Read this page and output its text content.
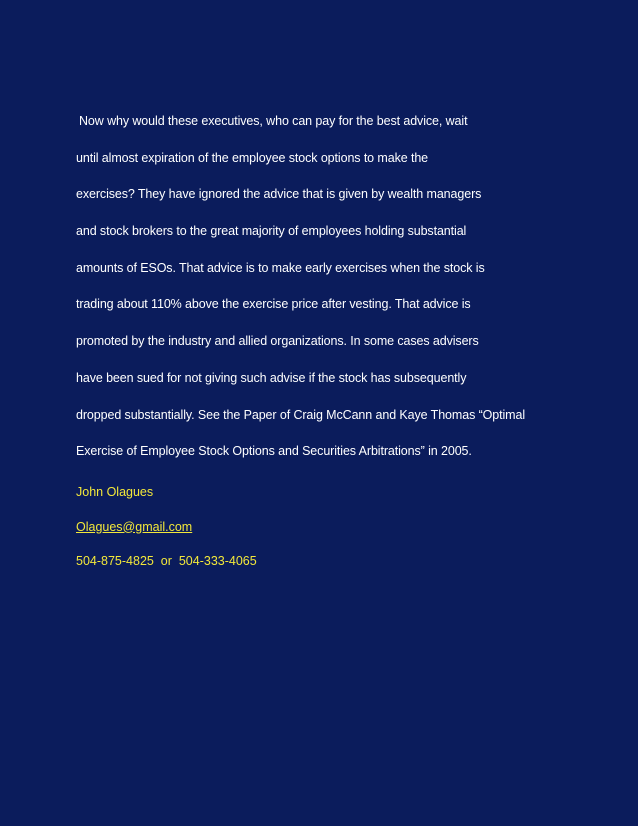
Now why would these executives, who can pay for the best advice, wait
until almost expiration of the employee stock options to make the
exercises? They have ignored the advice that is given by wealth managers
and stock brokers to the great majority of employees holding substantial
amounts of ESOs. That advice is to make early exercises when the stock is
trading about 110% above the exercise price after vesting. That advice is
promoted by the industry and allied organizations. In some cases advisers
have been sued for not giving such advise if the stock has subsequently
dropped substantially. See the Paper of Craig McCann and Kaye Thomas “Optimal
Exercise of Employee Stock Options and Securities Arbitrations” in 2005.
John Olagues
Olagues@gmail.com
504-875-4825  or  504-333-4065
